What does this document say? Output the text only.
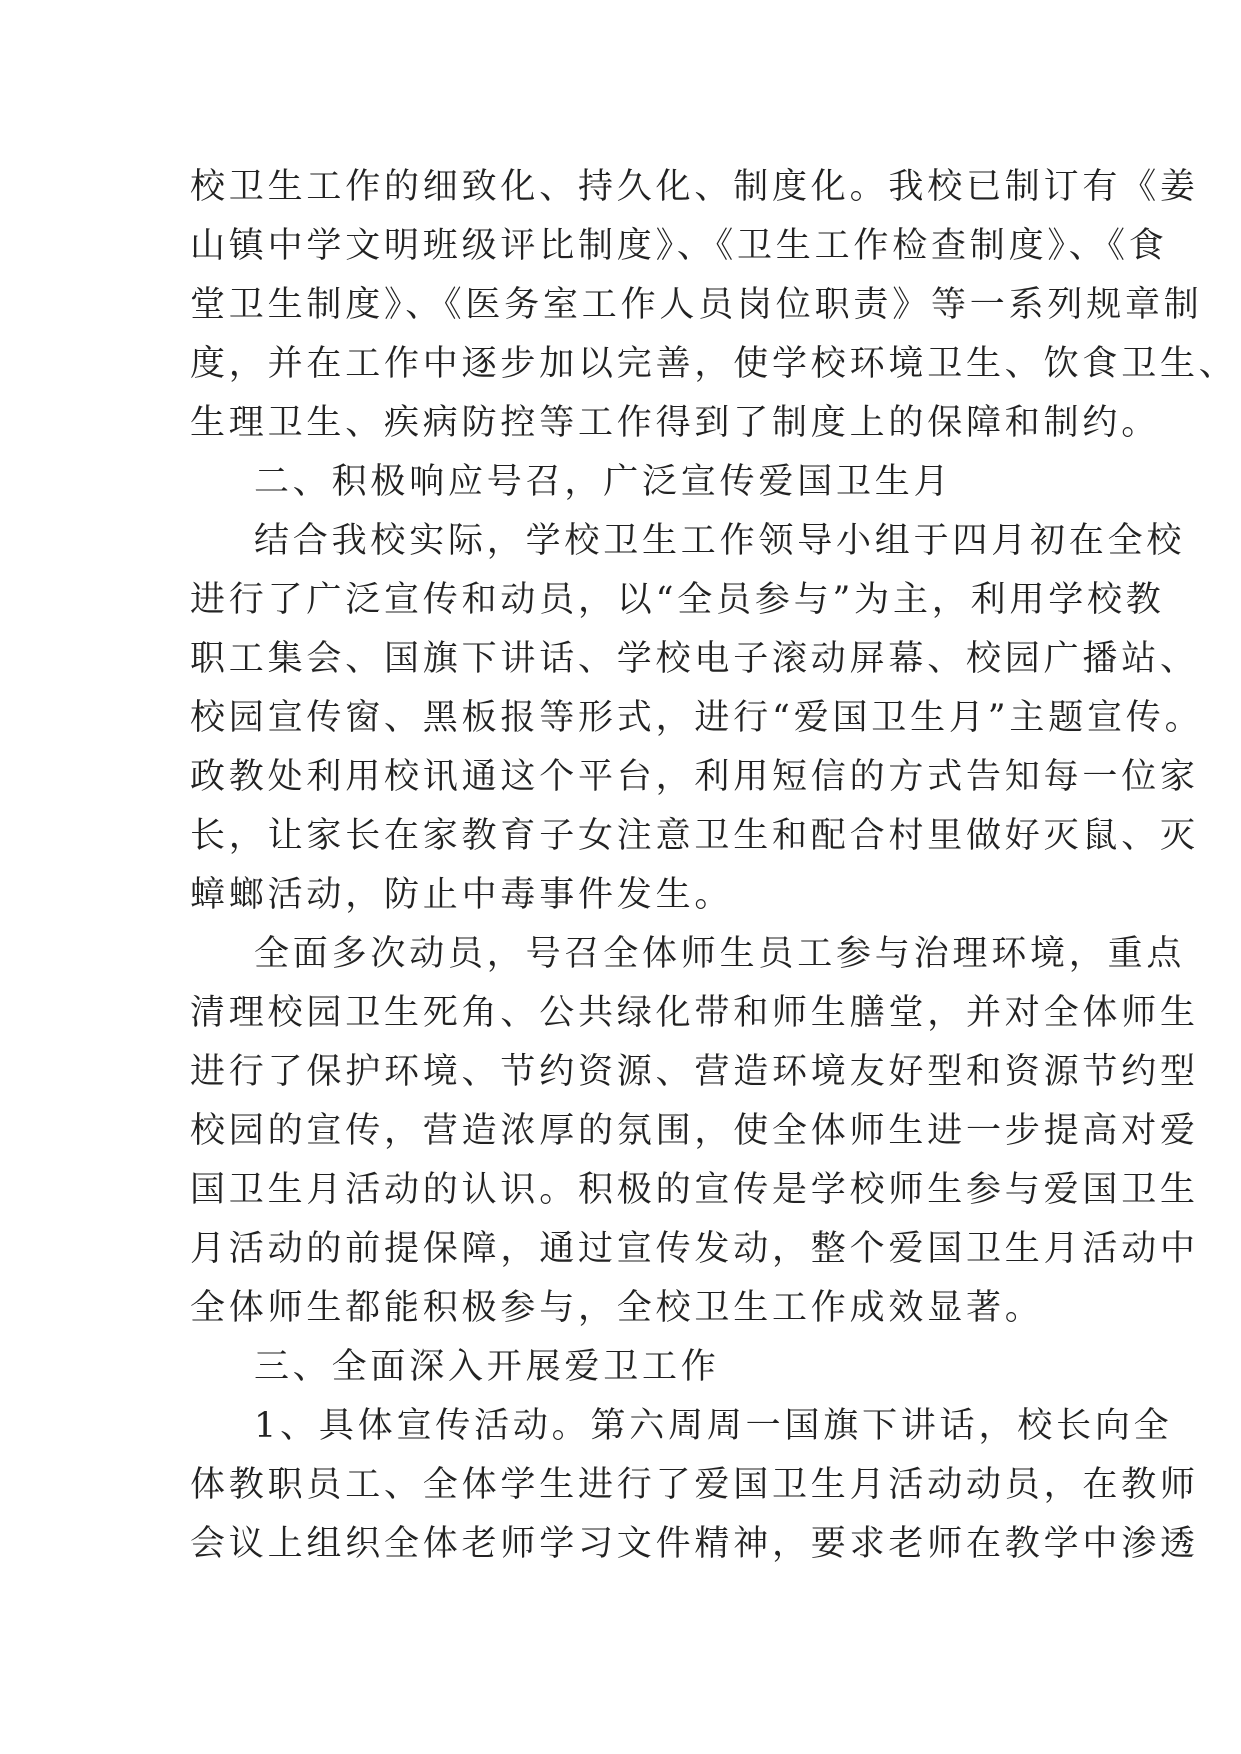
校卫生工作的细致化、持久化、制度化。我校已制订有《姜
山镇中学文明班级评比制度》、《卫生工作检查制度》、《食
堂卫生制度》、《医务室工作人员岗位职责》等一系列规章制
度，并在工作中逐步加以完善，使学校环境卫生、饮食卫生、
生理卫生、疾病防控等工作得到了制度上的保障和制约。
二、积极响应号召，广泛宣传爱国卫生月
结合我校实际，学校卫生工作领导小组于四月初在全校
进行了广泛宣传和动员，以“全员参与”为主，利用学校教
职工集会、国旗下讲话、学校电子滚动屏幕、校园广播站、
校园宣传窗、黑板报等形式，进行“爱国卫生月”主题宣传。
政教处利用校讯通这个平台，利用短信的方式告知每一位家
长，让家长在家教育子女注意卫生和配合村里做好灭鼠、灭
蟑螂活动，防止中毒事件发生。
全面多次动员，号召全体师生员工参与治理环境，重点
清理校园卫生死角、公共绿化带和师生膳堂，并对全体师生
进行了保护环境、节约资源、营造环境友好型和资源节约型
校园的宣传，营造浓厚的氛围，使全体师生进一步提高对爱
国卫生月活动的认识。积极的宣传是学校师生参与爱国卫生
月活动的前提保障，通过宣传发动，整个爱国卫生月活动中
全体师生都能积极参与，全校卫生工作成效显著。
三、全面深入开展爱卫工作
1、具体宣传活动。第六周周一国旗下讲话，校长向全
体教职员工、全体学生进行了爱国卫生月活动动员，在教师
会议上组织全体老师学习文件精神，要求老师在教学中渗透
